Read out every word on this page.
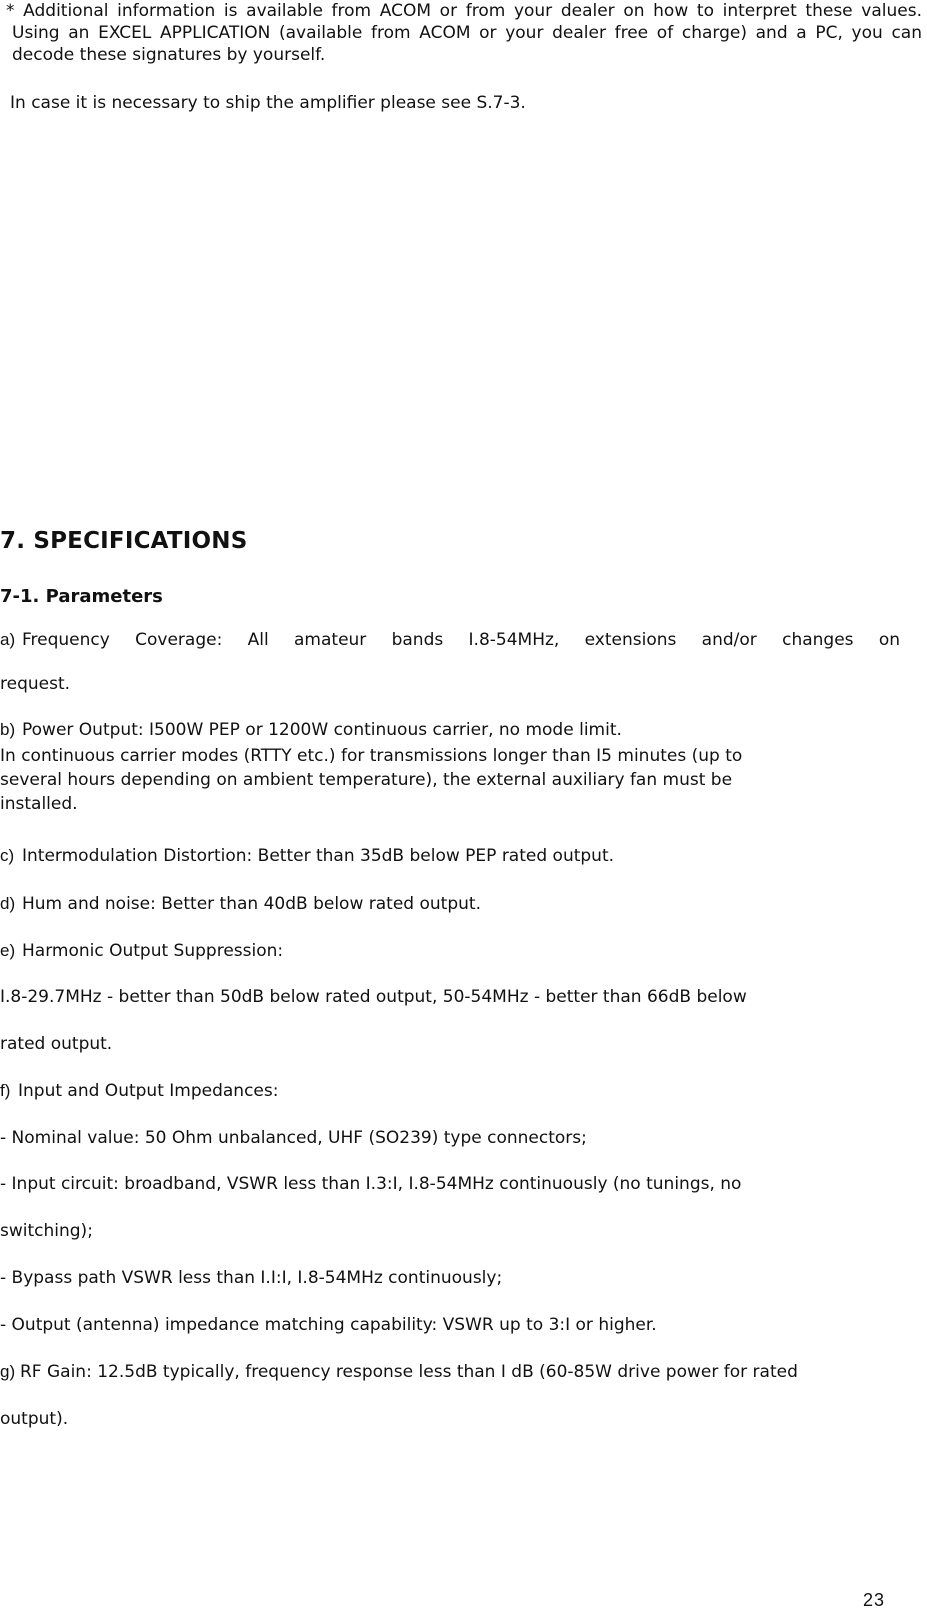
* Additional information is available from ACOM or from your dealer on how to interpret these values. Using an EXCEL APPLICATION (available from ACOM or your dealer free of charge) and a PC, you can decode these signatures by yourself.

In case it is necessary to ship the amplifier please see S.7-3.

7. SPECIFICATIONS
7-1. Parameters
a) Frequency Coverage: All amateur bands I.8-54MHz, extensions and/or changes on

request.

b) Power Output: I500W PEP or 1200W continuous carrier, no mode limit.

In continuous carrier modes (RTTY etc.) for transmissions longer than I5 minutes (up to

several hours depending on ambient temperature), the external auxiliary fan must be

installed.

c) Intermodulation Distortion: Better than 35dB below PEP rated output.

d) Hum and noise: Better than 40dB below rated output.

e) Harmonic Output Suppression:

I.8-29.7MHz - better than 50dB below rated output, 50-54MHz - better than 66dB below

rated output.

f) Input and Output Impedances:

- Nominal value: 50 Ohm unbalanced, UHF (SO239) type connectors;

- Input circuit: broadband, VSWR less than I.3:I, I.8-54MHz continuously (no tunings, no

switching);

- Bypass path VSWR less than I.I:I, I.8-54MHz continuously;

- Output (antenna) impedance matching capability: VSWR up to 3:I or higher.

g) RF Gain: 12.5dB typically, frequency response less than I dB (60-85W drive power for rated

output).

23
